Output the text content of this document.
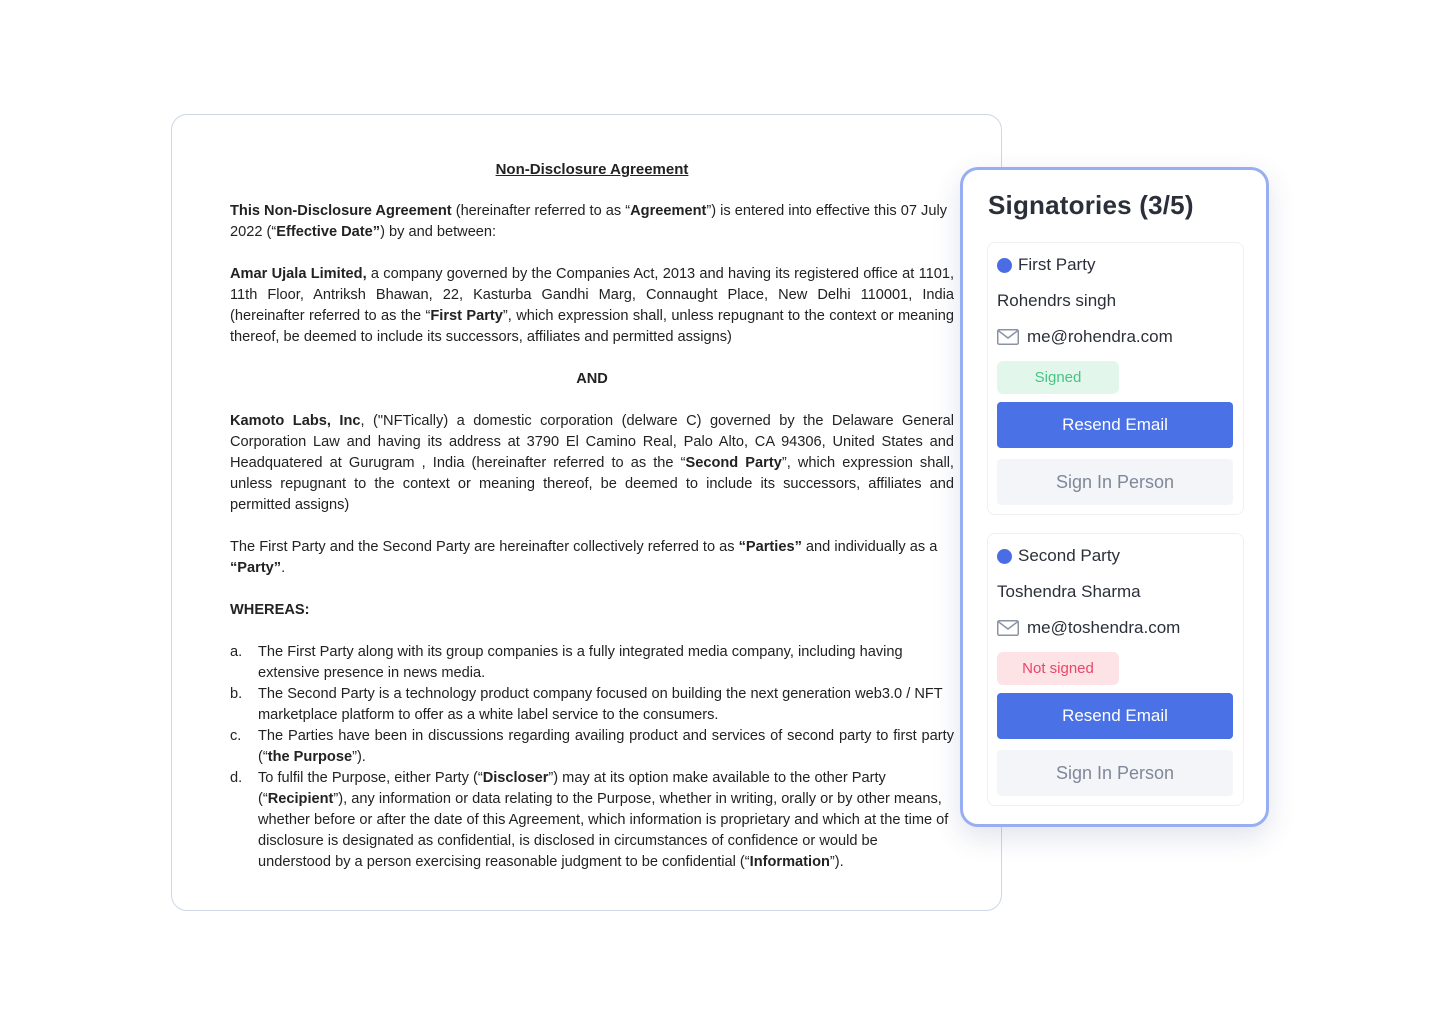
Non-Disclosure Agreement

This Non-Disclosure Agreement (hereinafter referred to as “Agreement”) is entered into effective this 07 July 2022 (“Effective Date”) by and between:

Amar Ujala Limited, a company governed by the Companies Act, 2013 and having its registered office at 1101, 11th Floor, Antriksh Bhawan, 22, Kasturba Gandhi Marg, Connaught Place, New Delhi 110001, India (hereinafter referred to as the “First Party”, which expression shall, unless repugnant to the context or meaning thereof, be deemed to include its successors, affiliates and permitted assigns)

AND

Kamoto Labs, Inc, ("NFTically) a domestic corporation (delware C) governed by the Delaware General Corporation Law and having its address at 3790 El Camino Real, Palo Alto, CA 94306, United States and Headquatered at Gurugram , India (hereinafter referred to as the “Second Party”, which expression shall, unless repugnant to the context or meaning thereof, be deemed to include its successors, affiliates and permitted assigns)

The First Party and the Second Party are hereinafter collectively referred to as “Parties” and individually as a “Party”.

WHEREAS:
a. The First Party along with its group companies is a fully integrated media company, including having extensive presence in news media.
b. The Second Party is a technology product company focused on building the next generation web3.0 / NFT marketplace platform to offer as a white label service to the consumers.
c. The Parties have been in discussions regarding availing product and services of second party to first party (“the Purpose”).
d. To fulfil the Purpose, either Party (“Discloser”) may at its option make available to the other Party (“Recipient”), any information or data relating to the Purpose, whether in writing, orally or by other means, whether before or after the date of this Agreement, which information is proprietary and which at the time of disclosure is designated as confidential, is disclosed in circumstances of confidence or would be understood by a person exercising reasonable judgment to be confidential (“Information”).
Signatories (3/5)
First Party
Rohendrs singh
me@rohendra.com
Signed
Resend Email
Sign In Person
Second Party
Toshendra Sharma
me@toshendra.com
Not signed
Resend Email
Sign In Person
